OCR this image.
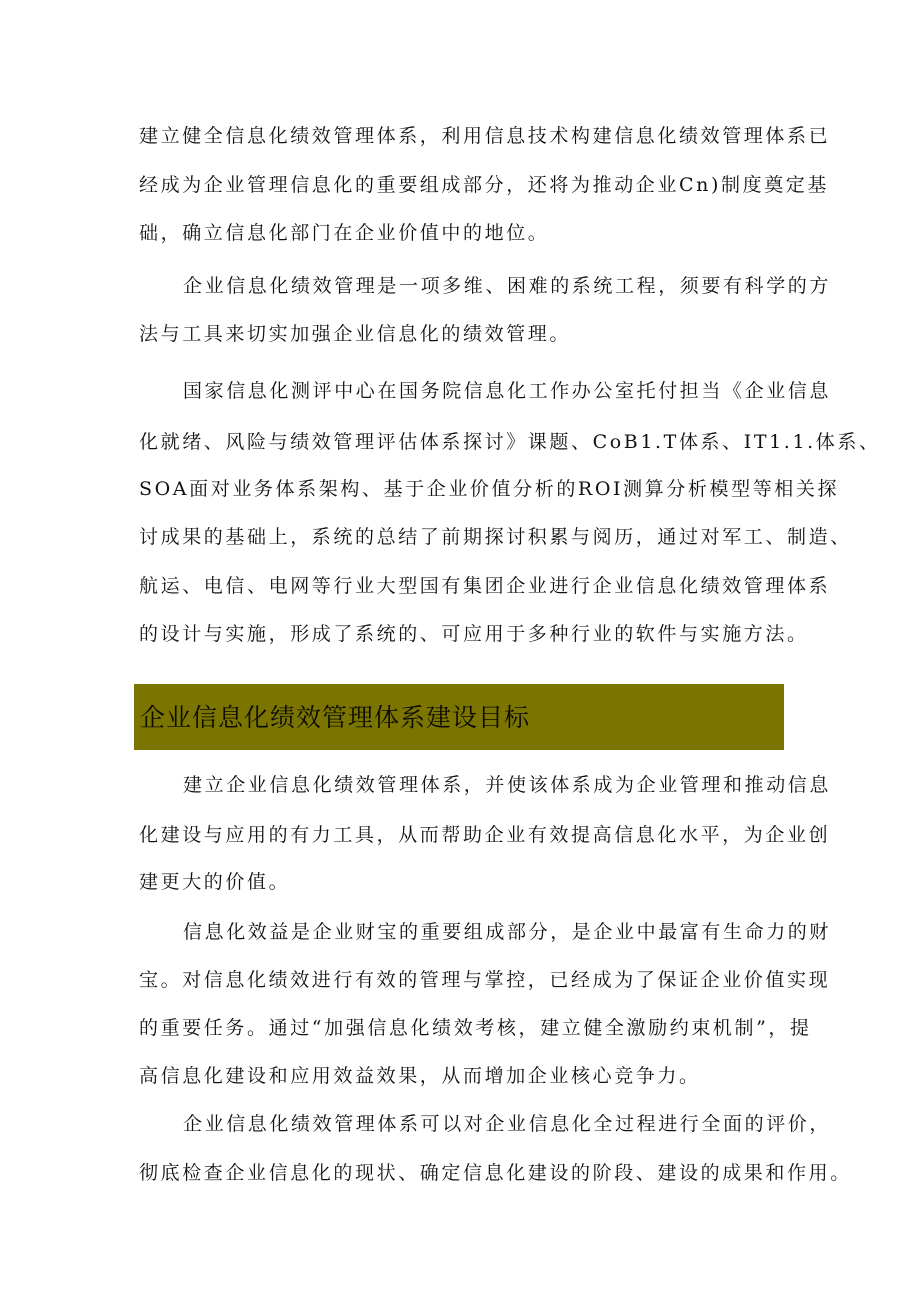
建立健全信息化绩效管理体系，利用信息技术构建信息化绩效管理体系已
经成为企业管理信息化的重要组成部分，还将为推动企业Cn)制度奠定基
础，确立信息化部门在企业价值中的地位。
企业信息化绩效管理是一项多维、困难的系统工程，须要有科学的方
法与工具来切实加强企业信息化的绩效管理。
国家信息化测评中心在国务院信息化工作办公室托付担当《企业信息
化就绪、风险与绩效管理评估体系探讨》课题、CoB1.T体系、IT1.1.体系、
SOA面对业务体系架构、基于企业价值分析的ROI测算分析模型等相关探
讨成果的基础上，系统的总结了前期探讨积累与阅历，通过对军工、制造、
航运、电信、电网等行业大型国有集团企业进行企业信息化绩效管理体系
的设计与实施，形成了系统的、可应用于多种行业的软件与实施方法。
企业信息化绩效管理体系建设目标
建立企业信息化绩效管理体系，并使该体系成为企业管理和推动信息
化建设与应用的有力工具，从而帮助企业有效提高信息化水平，为企业创
建更大的价值。
信息化效益是企业财宝的重要组成部分，是企业中最富有生命力的财
宝。对信息化绩效进行有效的管理与掌控，已经成为了保证企业价值实现
的重要任务。通过“加强信息化绩效考核，建立健全激励约束机制”，提
高信息化建设和应用效益效果，从而增加企业核心竞争力。
企业信息化绩效管理体系可以对企业信息化全过程进行全面的评价，
彻底检查企业信息化的现状、确定信息化建设的阶段、建设的成果和作用。
